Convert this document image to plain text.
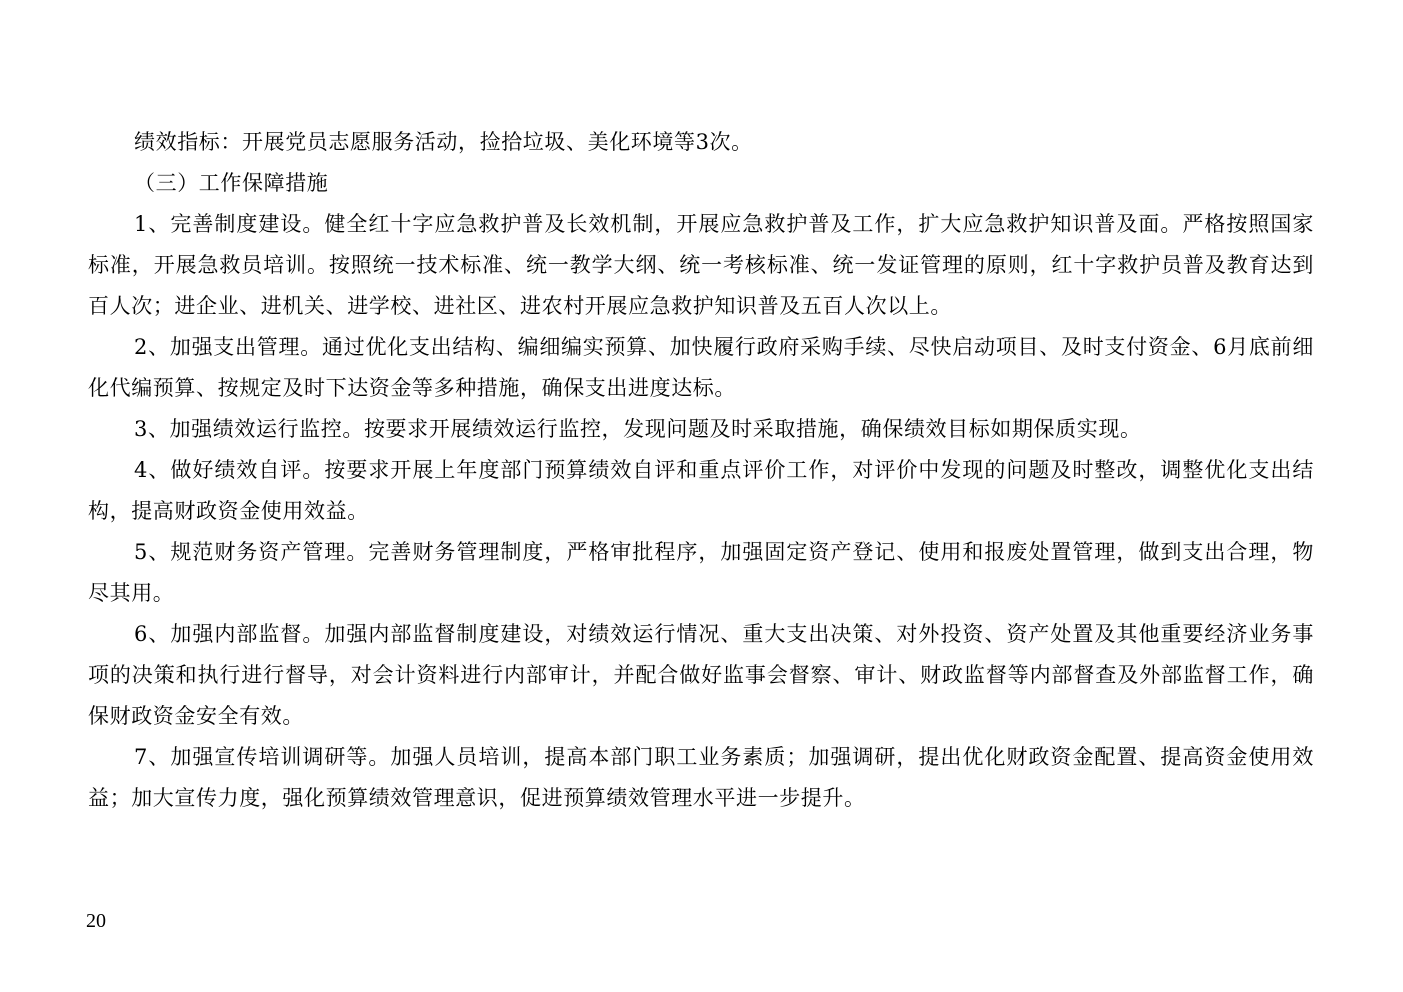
绩效指标：开展党员志愿服务活动，捡拾垃圾、美化环境等3次。

（三）工作保障措施

1、完善制度建设。健全红十字应急救护普及长效机制，开展应急救护普及工作，扩大应急救护知识普及面。严格按照国家标准，开展急救员培训。按照统一技术标准、统一教学大纲、统一考核标准、统一发证管理的原则，红十字救护员普及教育达到百人次；进企业、进机关、进学校、进社区、进农村开展应急救护知识普及五百人次以上。

2、加强支出管理。通过优化支出结构、编细编实预算、加快履行政府采购手续、尽快启动项目、及时支付资金、6月底前细化代编预算、按规定及时下达资金等多种措施，确保支出进度达标。

3、加强绩效运行监控。按要求开展绩效运行监控，发现问题及时采取措施，确保绩效目标如期保质实现。

4、做好绩效自评。按要求开展上年度部门预算绩效自评和重点评价工作，对评价中发现的问题及时整改，调整优化支出结构，提高财政资金使用效益。

5、规范财务资产管理。完善财务管理制度，严格审批程序，加强固定资产登记、使用和报废处置管理，做到支出合理，物尽其用。

6、加强内部监督。加强内部监督制度建设，对绩效运行情况、重大支出决策、对外投资、资产处置及其他重要经济业务事项的决策和执行进行督导，对会计资料进行内部审计，并配合做好监事会督察、审计、财政监督等内部督查及外部监督工作，确保财政资金安全有效。

7、加强宣传培训调研等。加强人员培训，提高本部门职工业务素质；加强调研，提出优化财政资金配置、提高资金使用效益；加大宣传力度，强化预算绩效管理意识，促进预算绩效管理水平进一步提升。

20
